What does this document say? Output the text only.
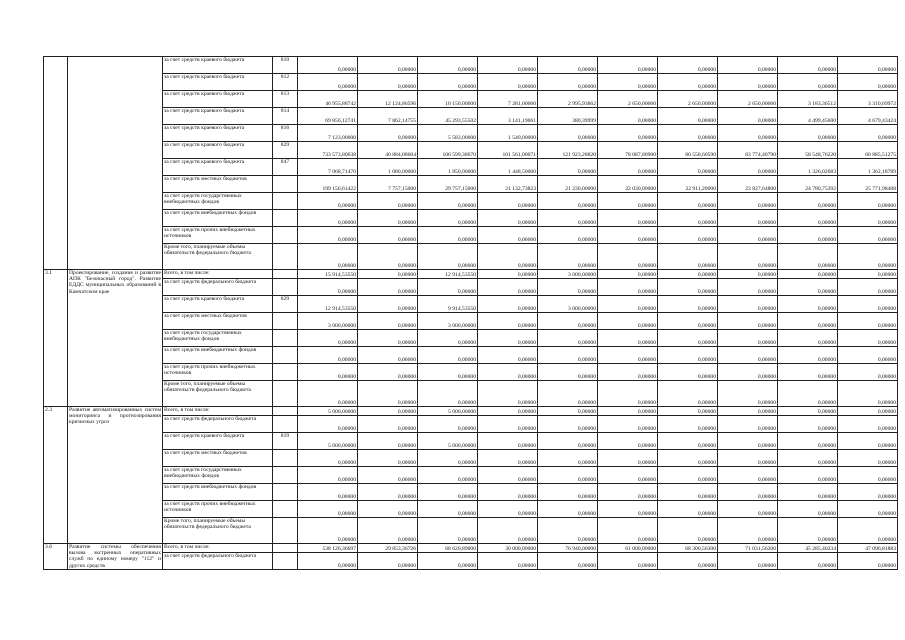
		за счет средств краевого бюджета	810	0,00000	0,00000	0,00000	0,00000	0,00000	0,00000	0,00000	0,00000	0,00000	0,00000
		за счет средств краевого бюджета	812	0,00000	0,00000	0,00000	0,00000	0,00000	0,00000	0,00000	0,00000	0,00000	0,00000
		за счет средств краевого бюджета	813	46 955,88742	12 124,86596	10 150,00000	7 281,00000	2 995,93862	2 650,00000	2 650,00000	2 650,00000	3 183,36512	3 310,69972
		за счет средств краевого бюджета	814	69 856,12741	7 862,14755	45 293,55502	3 141,19061	380,39999	0,00000	0,00000	0,00000	4 499,45600	4 679,43424
		за счет средств краевого бюджета	816	7 123,00000	0,00000	5 583,00000	1 540,00000	0,00000	0,00000	0,00000	0,00000	0,00000	0,00000
		за счет средств краевого бюджета	829	733 573,80638	40 884,08604	106 599,38670	101 561,00071	121 923,28820	78 087,80900	80 558,60590	83 774,40790	58 548,76220	60 885,51275
		за счет средств краевого бюджета	847	7 068,71470	1 080,00000	1 850,00000	1 448,50000	0,00000	0,00000	0,00000	0,00000	1 326,02683	1 362,18789
		за счет средств местных бюджетов		199 156,61422	7 757,15000	29 757,15000	21 132,73823	21 230,00000	22 030,00000	22 911,20000	23 827,64800	24 780,75392	25 771,98408
		за счет средств государственных внебюджетных фондов		0,00000	0,00000	0,00000	0,00000	0,00000	0,00000	0,00000	0,00000	0,00000	0,00000
		за счет средств внебюджетных фондов		0,00000	0,00000	0,00000	0,00000	0,00000	0,00000	0,00000	0,00000	0,00000	0,00000
		за счет средств прочих внебюджетных источников		0,00000	0,00000	0,00000	0,00000	0,00000	0,00000	0,00000	0,00000	0,00000	0,00000
		Кроме того, планируемые объемы обязательств федерального бюджета		0,00000	0,00000	0,00000	0,00000	0,00000	0,00000	0,00000	0,00000	0,00000	0,00000
3.1	Проектирование, создание и развитие АПК "Безопасный город". Развитие ЕДДС муниципальных образований в Камчатском крае	Всего, в том числе:		15 914,53550	0,00000	12 914,53550	0,00000	3 000,00000	0,00000	0,00000	0,00000	0,00000	0,00000
		за счет средств федерального бюджета		0,00000	0,00000	0,00000	0,00000	0,00000	0,00000	0,00000	0,00000	0,00000	0,00000
		за счет средств краевого бюджета	829	12 914,53550	0,00000	9 914,53550	0,00000	3 000,00000	0,00000	0,00000	0,00000	0,00000	0,00000
		за счет средств местных бюджетов		3 000,00000	0,00000	3 000,00000	0,00000	0,00000	0,00000	0,00000	0,00000	0,00000	0,00000
		за счет средств государственных внебюджетных фондов		0,00000	0,00000	0,00000	0,00000	0,00000	0,00000	0,00000	0,00000	0,00000	0,00000
		за счет средств внебюджетных фондов		0,00000	0,00000	0,00000	0,00000	0,00000	0,00000	0,00000	0,00000	0,00000	0,00000
		за счет средств прочих внебюджетных источников		0,00000	0,00000	0,00000	0,00000	0,00000	0,00000	0,00000	0,00000	0,00000	0,00000
		Кроме того, планируемые объемы обязательств федерального бюджета		0,00000	0,00000	0,00000	0,00000	0,00000	0,00000	0,00000	0,00000	0,00000	0,00000
2.3	Развитие автоматизированных систем мониторинга и прогнозирования кризисных угроз	Всего, в том числе:		5 000,00000	0,00000	5 000,00000	0,00000	0,00000	0,00000	0,00000	0,00000	0,00000	0,00000
		за счет средств федерального бюджета		0,00000	0,00000	0,00000	0,00000	0,00000	0,00000	0,00000	0,00000	0,00000	0,00000
		за счет средств краевого бюджета	819	5 000,00000	0,00000	5 000,00000	0,00000	0,00000	0,00000	0,00000	0,00000	0,00000	0,00000
		за счет средств местных бюджетов		0,00000	0,00000	0,00000	0,00000	0,00000	0,00000	0,00000	0,00000	0,00000	0,00000
		за счет средств государственных внебюджетных фондов		0,00000	0,00000	0,00000	0,00000	0,00000	0,00000	0,00000	0,00000	0,00000	0,00000
		за счет средств внебюджетных фондов		0,00000	0,00000	0,00000	0,00000	0,00000	0,00000	0,00000	0,00000	0,00000	0,00000
		за счет средств прочих внебюджетных источников		0,00000	0,00000	0,00000	0,00000	0,00000	0,00000	0,00000	0,00000	0,00000	0,00000
		Кроме того, планируемые объемы обязательств федерального бюджета		0,00000	0,00000	0,00000	0,00000	0,00000	0,00000	0,00000	0,00000	0,00000	0,00000
3.6	Развитие системы обеспечения вызова экстренных оперативных служб по единому номеру "112" и других средств	Всего, в том числе:		538 126,36697	29 853,36726	68 620,89000	30 000,00000	76 940,00000	61 000,00000	68 300,56300	71 031,56200	45 285,40234	47 096,81883
		за счет средств федерального бюджета		0,00000	0,00000	0,00000	0,00000	0,00000	0,00000	0,00000	0,00000	0,00000	0,00000
